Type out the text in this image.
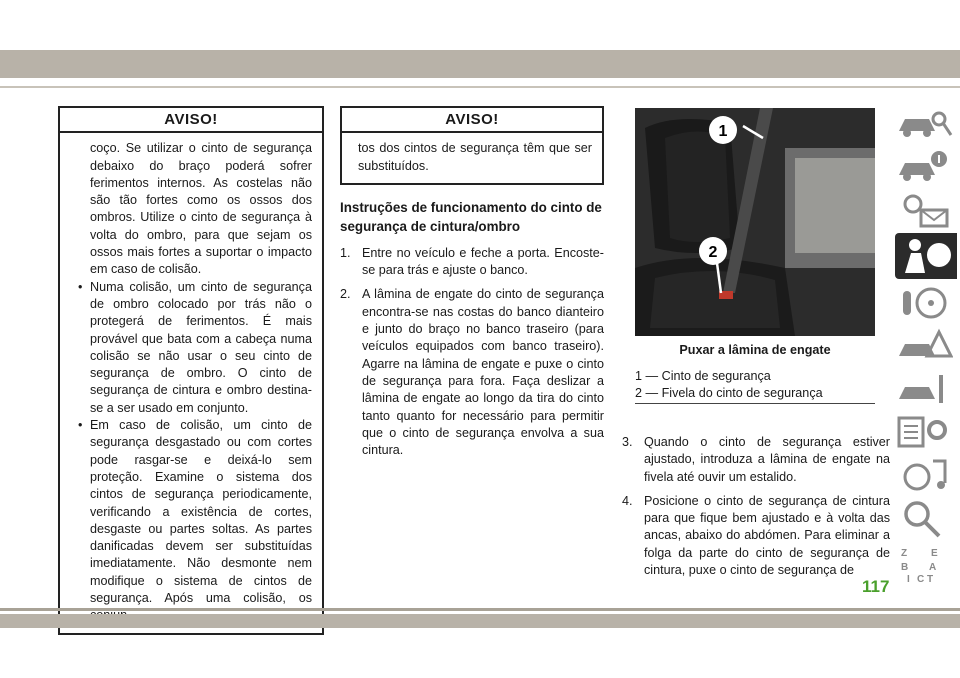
AVISO!

coço. Se utilizar o cinto de segurança debaixo do braço poderá sofrer ferimentos internos. As costelas não são tão fortes como os ossos dos ombros. Utilize o cinto de segurança à volta do ombro, para que sejam os ossos mais fortes a suportar o impacto em caso de colisão.

• Numa colisão, um cinto de segurança de ombro colocado por trás não o protegerá de ferimentos. É mais provável que bata com a cabeça numa colisão se não usar o seu cinto de segurança de ombro. O cinto de segurança de cintura e ombro destina-se a ser usado em conjunto.

• Em caso de colisão, um cinto de segurança desgastado ou com cortes pode rasgar-se e deixá-lo sem proteção. Examine o sistema dos cintos de segurança periodicamente, verificando a existência de cortes, desgaste ou partes soltas. As partes danificadas devem ser substituídas imediatamente. Não desmonte nem modifique o sistema de cintos de segurança. Após uma colisão, os

AVISO!

tos dos cintos de segurança têm que ser substituídos.

Instruções de funcionamento do cinto de segurança de cintura/ombro
1. Entre no veículo e feche a porta. Encoste-se para trás e ajuste o banco.
2. A lâmina de engate do cinto de segurança encontra-se nas costas do banco dianteiro e junto do braço no banco traseiro (para veículos equipados com banco traseiro). Agarre na lâmina de engate e puxe o cinto de segurança para fora. Faça deslizar a lâmina de engate ao longo da tira do cinto tanto quanto for necessário para permitir que o cinto de segurança envolva a sua cintura.
1
2
Puxar a lâmina de engate
1 — Cinto de segurança
2 — Fivela do cinto de segurança
3. Quando o cinto de segurança estiver ajustado, introduza a lâmina de engate na fivela até ouvir um estalido.
4. Posicione o cinto de segurança de cintura para que fique bem ajustado e à volta das ancas, abaixo do abdómen. Para eliminar a folga da parte do cinto de segurança de cintura, puxe o cinto de segurança de
Z E
B A
I C T
117
